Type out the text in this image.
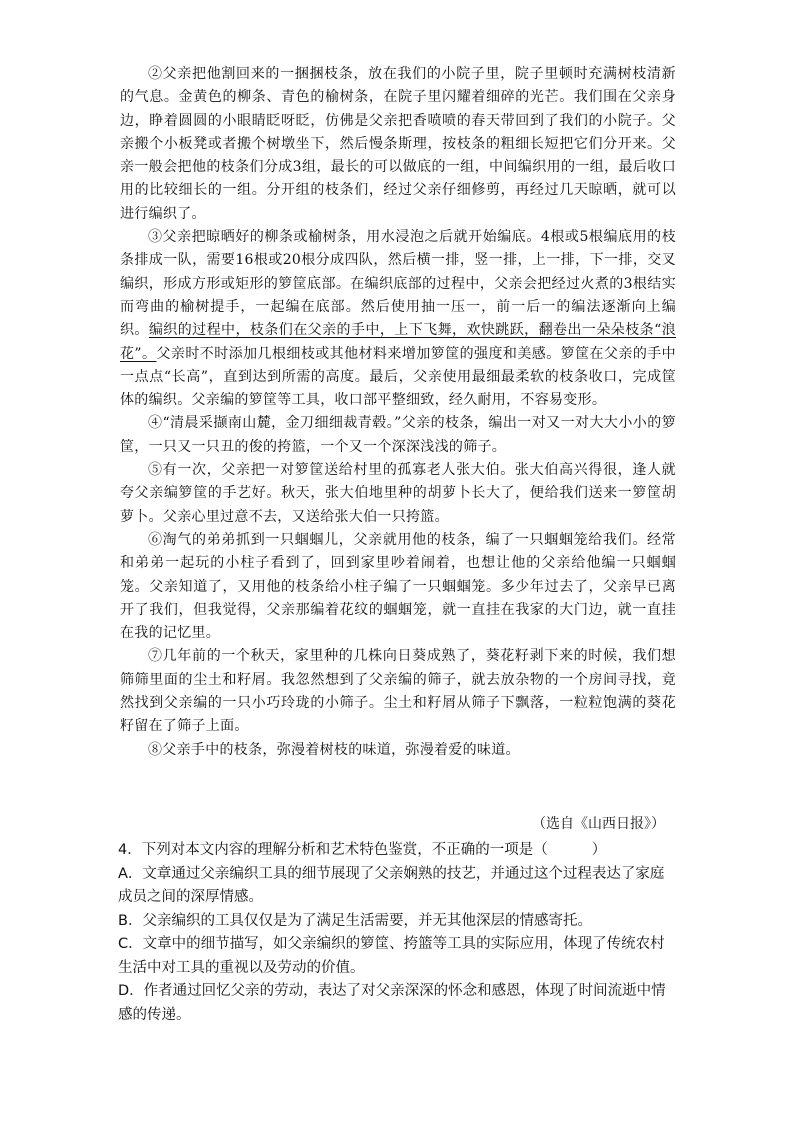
②父亲把他割回来的一捆捆枝条，放在我们的小院子里，院子里顿时充满树枝清新的气息。金黄色的柳条、青色的榆树条，在院子里闪耀着细碎的光芒。我们围在父亲身边，睁着圆圆的小眼睛眨呀眨，仿佛是父亲把香喷喷的春天带回到了我们的小院子。父亲搬个小板凳或者搬个树墩坐下，然后慢条斯理，按枝条的粗细长短把它们分开来。父亲一般会把他的枝条们分成3组，最长的可以做底的一组，中间编织用的一组，最后收口用的比较细长的一组。分开组的枝条们，经过父亲仔细修剪，再经过几天晾晒，就可以进行编织了。

③父亲把晾晒好的柳条或榆树条，用水浸泡之后就开始编底。4根或5根编底用的枝条排成一队，需要16根或20根分成四队，然后横一排，竖一排，上一排，下一排，交叉编织，形成方形或矩形的箩筐底部。在编织底部的过程中，父亲会把经过火煮的3根结实而弯曲的榆树提手，一起编在底部。然后使用抽一压一，前一后一的编法逐渐向上编织。编织的过程中，枝条们在父亲的手中，上下飞舞，欢快跳跃，翻卷出一朵朵枝条“浪花”。父亲时不时添加几根细枝或其他材料来增加箩筐的强度和美感。箩筐在父亲的手中一点点“长高”，直到达到所需的高度。最后，父亲使用最细最柔软的枝条收口，完成筐体的编织。父亲编的箩筐等工具，收口部平整细致，经久耐用，不容易变形。

④“清晨采撷南山麓，金刀细细裁青毂。”父亲的枝条，编出一对又一对大大小小的箩筐，一只又一只丑的俊的挎篮，一个又一个深深浅浅的筛子。

⑤有一次，父亲把一对箩筐送给村里的孤寡老人张大伯。张大伯高兴得很，逢人就夸父亲编箩筐的手艺好。秋天，张大伯地里种的胡萝卜长大了，便给我们送来一箩筐胡萝卜。父亲心里过意不去，又送给张大伯一只挎篮。

⑥淘气的弟弟抓到一只蝈蝈儿，父亲就用他的枝条，编了一只蝈蝈笼给我们。经常和弟弟一起玩的小柱子看到了，回到家里吵着闹着，也想让他的父亲给他编一只蝈蝈笼。父亲知道了，又用他的枝条给小柱子编了一只蝈蝈笼。多少年过去了，父亲早已离开了我们，但我觉得，父亲那编着花纹的蝈蝈笼，就一直挂在我家的大门边，就一直挂在我的记忆里。

⑦几年前的一个秋天，家里种的几株向日葵成熟了，葵花籽剥下来的时候，我们想筛筛里面的尘土和籽屑。我忽然想到了父亲编的筛子，就去放杂物的一个房间寻找，竟然找到父亲编的一只小巧玲珑的小筛子。尘土和籽屑从筛子下飘落，一粒粒饱满的葵花籽留在了筛子上面。

⑧父亲手中的枝条，弥漫着树枝的味道，弥漫着爱的味道。

（选自《山西日报》）

4．下列对本文内容的理解分析和艺术特色鉴赏，不正确的一项是（	）

A．文章通过父亲编织工具的细节展现了父亲娴熟的技艺，并通过这个过程表达了家庭成员之间的深厚情感。

B．父亲编织的工具仅仅是为了满足生活需要，并无其他深层的情感寄托。

C．文章中的细节描写，如父亲编织的箩筐、挎篮等工具的实际应用，体现了传统农村生活中对工具的重视以及劳动的价值。

D．作者通过回忆父亲的劳动，表达了对父亲深深的怀念和感恩，体现了时间流逝中情感的传递。
